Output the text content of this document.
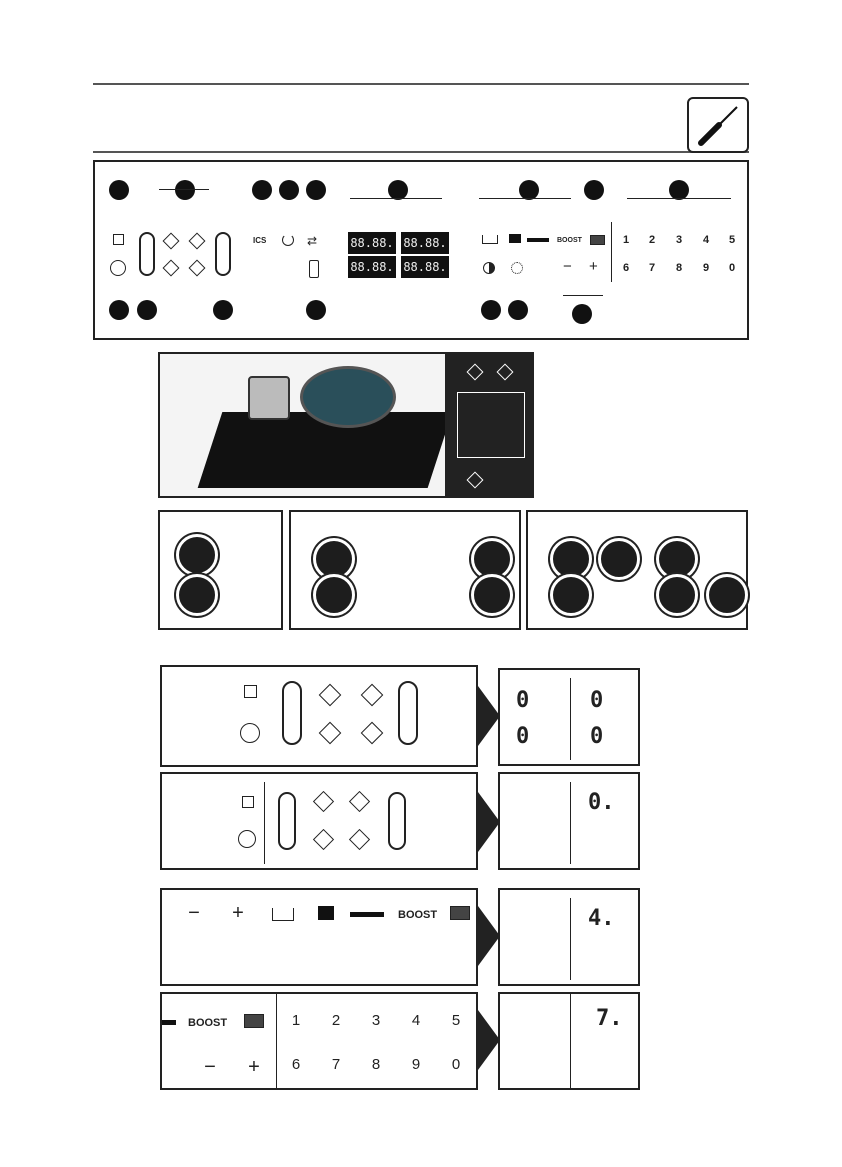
ICS	⇄	88.88.
88.88.
88.88.
88.88.
BOOST
− +
1	2	3	4	5
6	7	8	9	0
0
0
0
0
0.
− +	BOOST	4.
BOOST
− +
1	2	3	4	5
6	7	8	9	0
7.
